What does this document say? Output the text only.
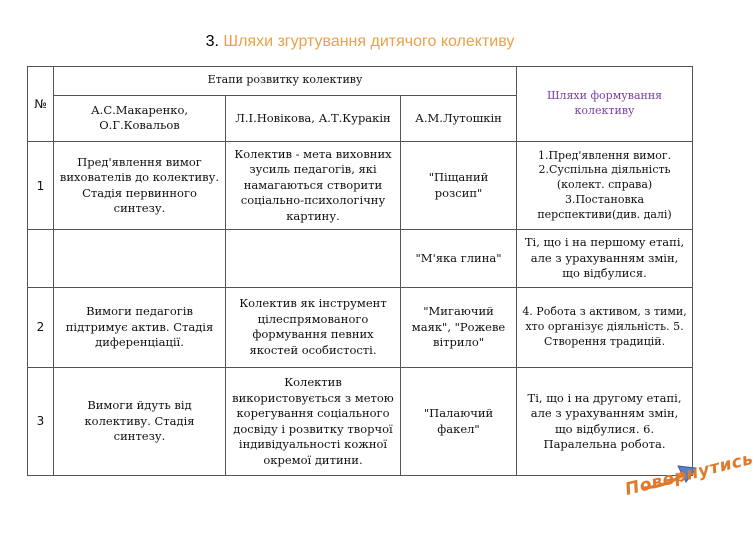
3. Шляхи згуртування дитячого колективу
№	Етапи розвитку колективу			Шляхи формування колективу
	А.С.Макаренко, О.Г.Ковальов	Л.І.Новікова, А.Т.Куракін	А.М.Лутошкін	
1	Пред'явлення вимог вихователів до колективу. Стадія первинного синтезу.	Колектив - мета виховних зусиль педагогів, які намагаються створити соціально-психологічну картину.	"Піщаний розсип"	1.Пред'явлення вимог. 2.Суспільна діяльність (колект. справа) 3.Постановка перспективи(див. далі)
			"М'яка глина"	Ті, що і на першому етапі, але з урахуванням змін, що відбулися.
2	Вимоги педагогів підтримує актив. Стадія диференціації.	Колектив як інструмент цілеспрямованого формування певних якостей особистості.	"Мигаючий маяк", "Рожеве вітрило"	4. Робота з активом, з тими, хто організує діяльність. 5. Створення традицій.
3	Вимоги йдуть від колективу. Стадія синтезу.	Колектив використовується з метою корегування соціального досвіду і розвитку творчої індивідуальності кожної окремої дитини.	"Палаючий факел"	Ті, що і на другому етапі, але з урахуванням змін, що відбулися. 6. Паралельна робота.
Повернутись
